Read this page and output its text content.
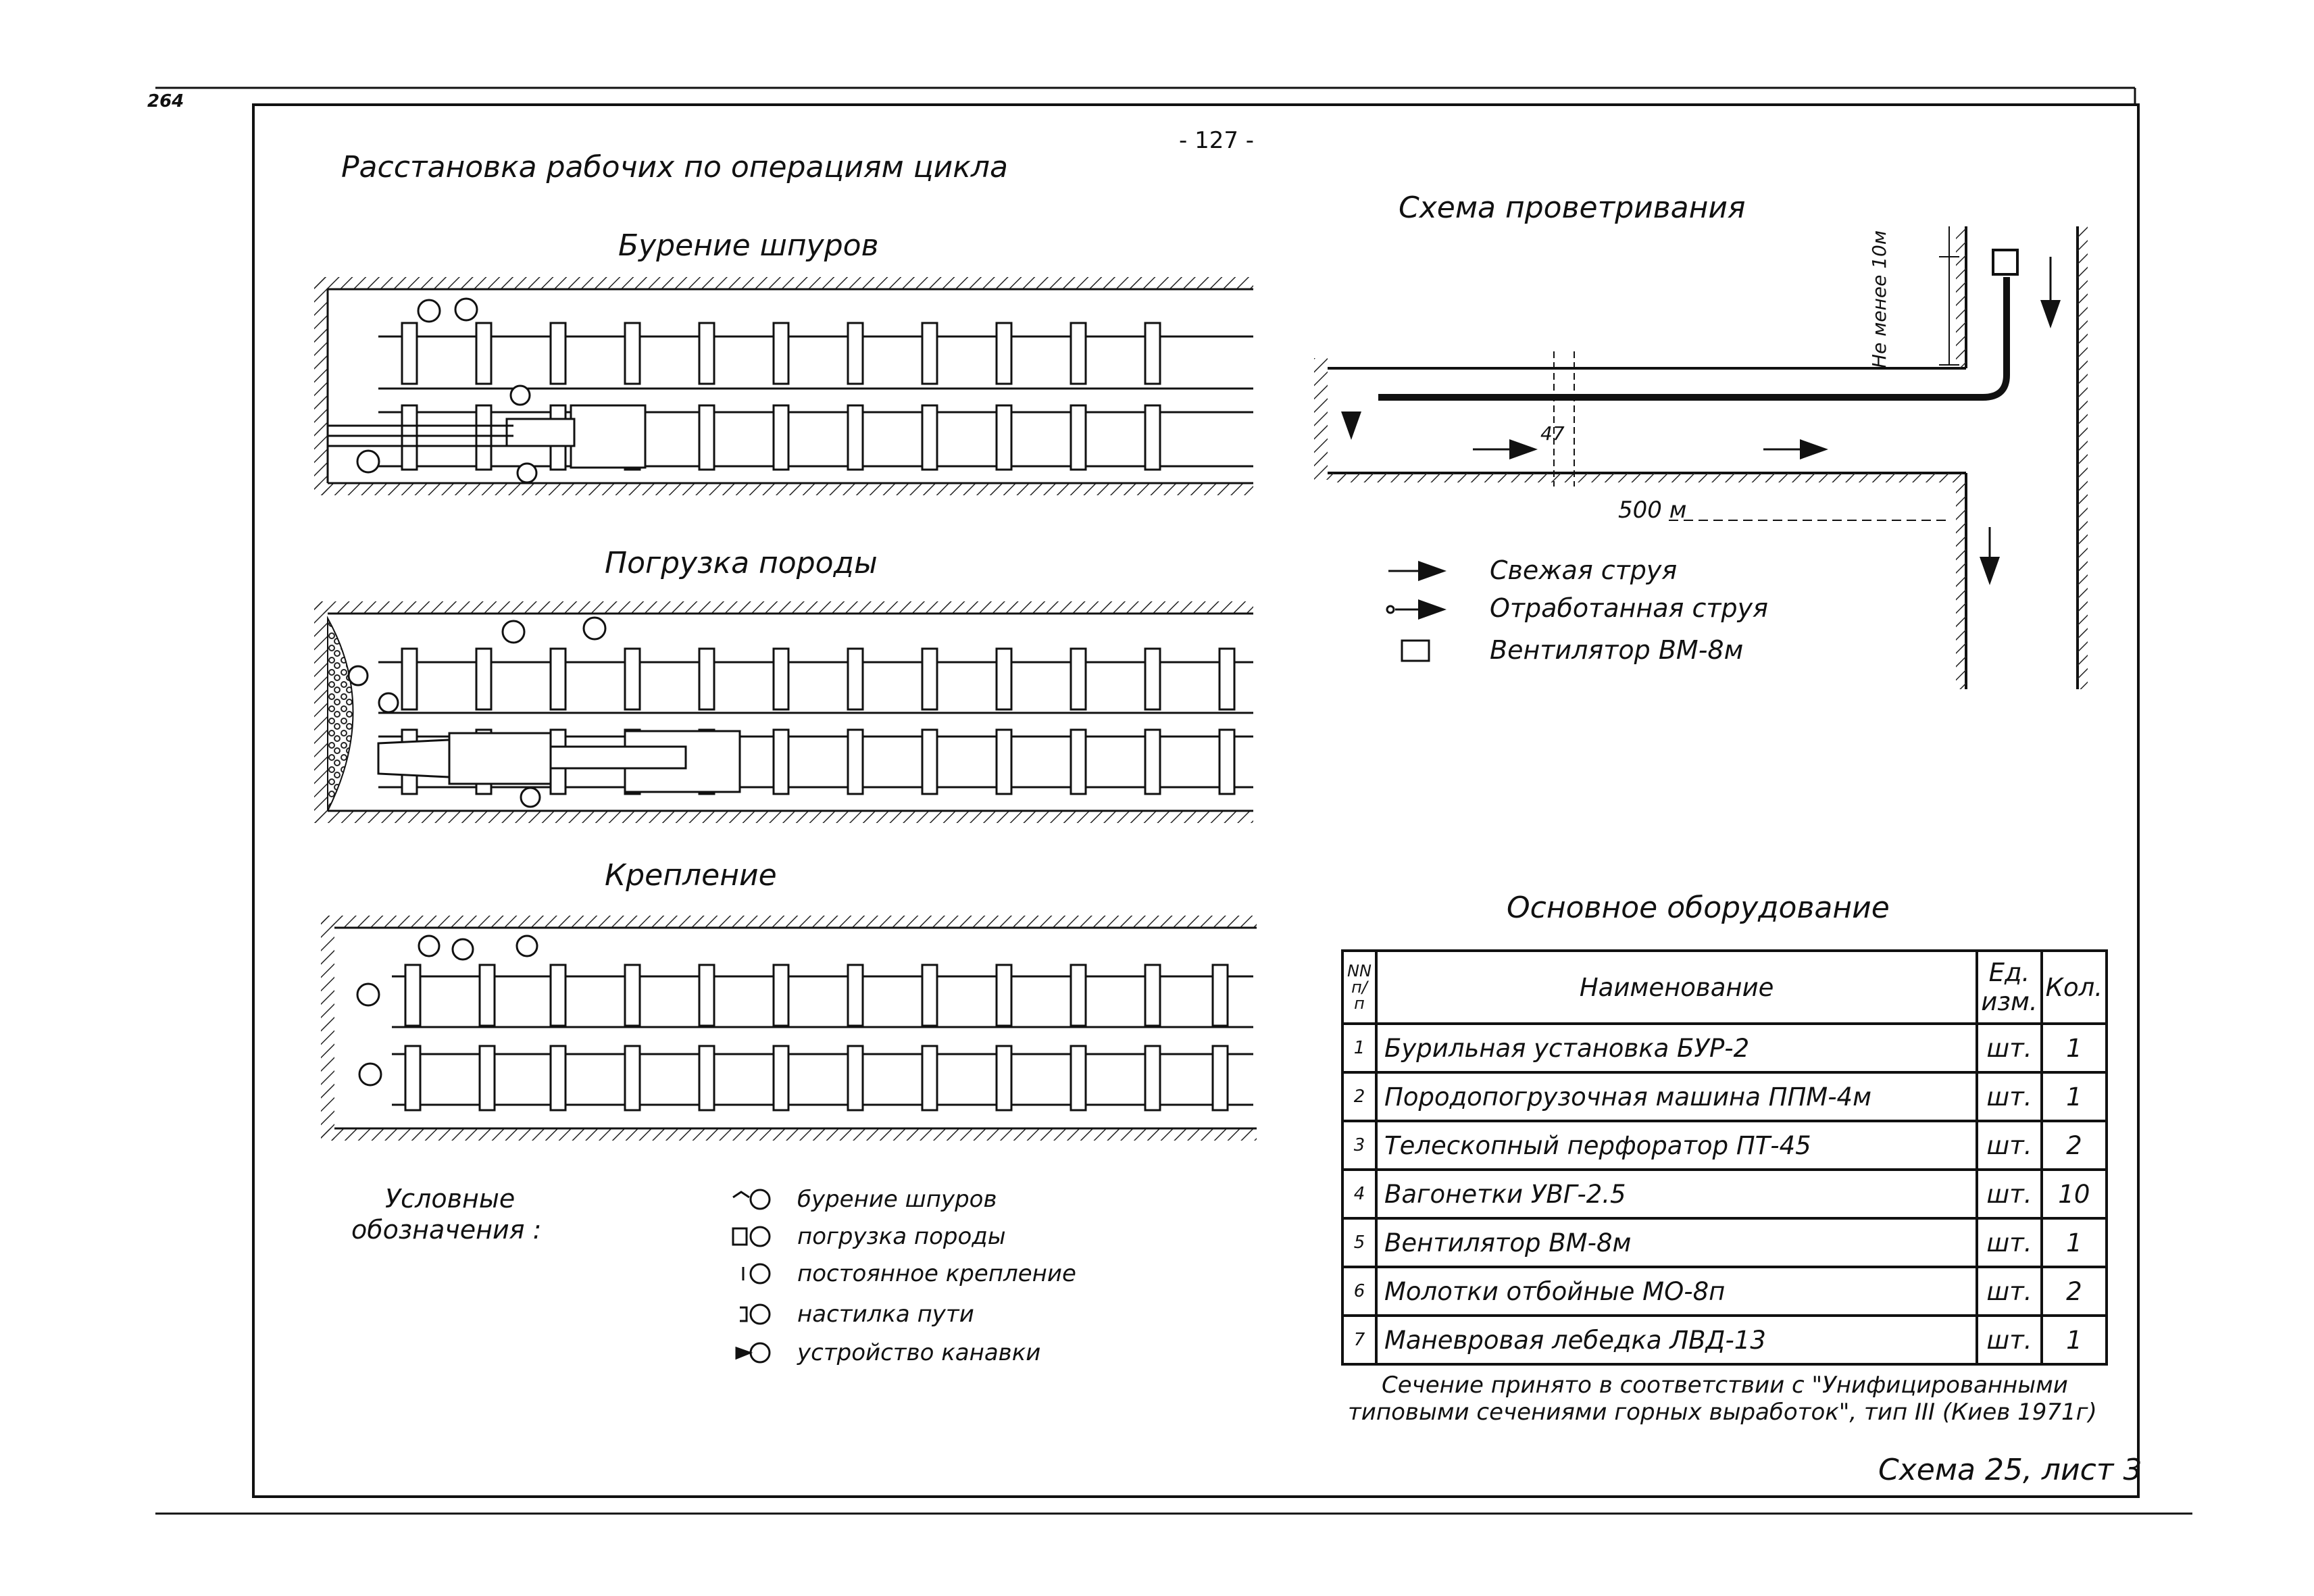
264
- 127 -
Расстановка рабочих по операциям цикла
Бурение шпуров
Погрузка породы
Крепление
Условные
обозначения :
бурение шпуров
погрузка породы
постоянное крепление
настилка пути
устройство канавки
Схема проветривания
Не менее 10м
500 м
47
Свежая струя
Отработанная струя
Вентилятор ВМ-8м
Основное оборудование
NN п/п	Наименование	Ед. изм.	Кол.
1	Бурильная установка БУР-2	шт.	1
2	Породопогрузочная машина ППМ-4м	шт.	1
3	Телескопный перфоратор ПТ-45	шт.	2
4	Вагонетки УВГ-2.5	шт.	10
5	Вентилятор ВМ-8м	шт.	1
6	Молотки отбойные МО-8п	шт.	2
7	Маневровая лебедка ЛВД-13	шт.	1
Сечение принято в соответствии с "Унифицированными
типовыми сечениями горных выработок", тип III (Киев 1971г)
Схема 25, лист 3
